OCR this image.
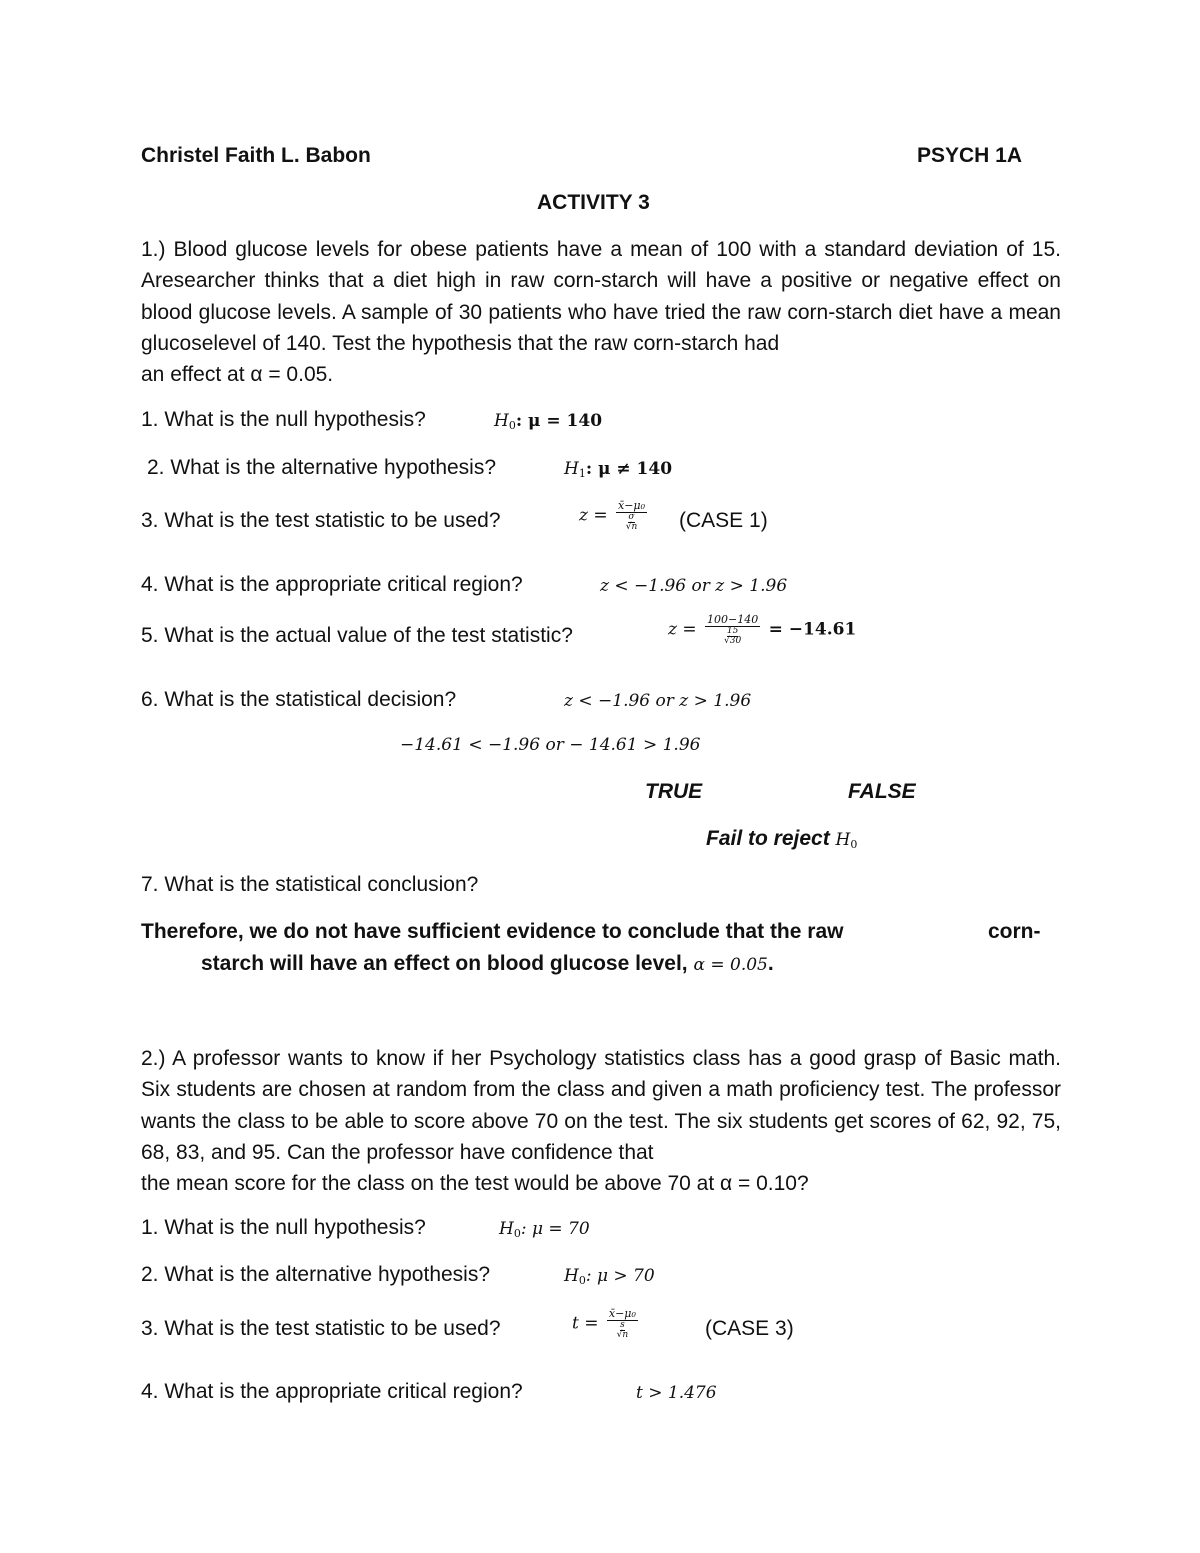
Christel Faith L. Babon	PSYCH 1A
ACTIVITY 3
1.) Blood glucose levels for obese patients have a mean of 100 with a standard deviation of 15. Aresearcher thinks that a diet high in raw corn-starch will have a positive or negative effect on blood glucose levels. A sample of 30 patients who have tried the raw corn-starch diet have a mean glucoselevel of 140. Test the hypothesis that the raw corn-starch had
an effect at α = 0.05.
1. What is the null hypothesis?	$H_0$: μ = 140
2. What is the alternative hypothesis?	$H_1$: μ ≠ 140
3. What is the test statistic to be used?	z = x̄−μ₀
σ
√n (CASE 1)
4. What is the appropriate critical region?	z < −1.96 or z > 1.96
5. What is the actual value of the test statistic?	z = 100−140
15
√30 = −14.61
6. What is the statistical decision?	z < −1.96 or z > 1.96
−14.61 < −1.96 or − 14.61 > 1.96
TRUE	FALSE
Fail to reject $H_0$
7. What is the statistical conclusion?
Therefore, we do not have sufficient evidence to conclude that the raw	corn-
starch will have an effect on blood glucose level, α = 0.05.
2.) A professor wants to know if her Psychology statistics class has a good grasp of Basic math. Six students are chosen at random from the class and given a math proficiency test. The professor wants the class to be able to score above 70 on the test. The six students get scores of 62, 92, 75, 68, 83, and 95. Can the professor have confidence that
the mean score for the class on the test would be above 70 at α = 0.10?
1. What is the null hypothesis?	$H_0$: μ = 70
2. What is the alternative hypothesis?	$H_0$: μ > 70
3. What is the test statistic to be used?	t = x̄−μ₀
s
√n	(CASE 3)
4. What is the appropriate critical region?	t > 1.476
